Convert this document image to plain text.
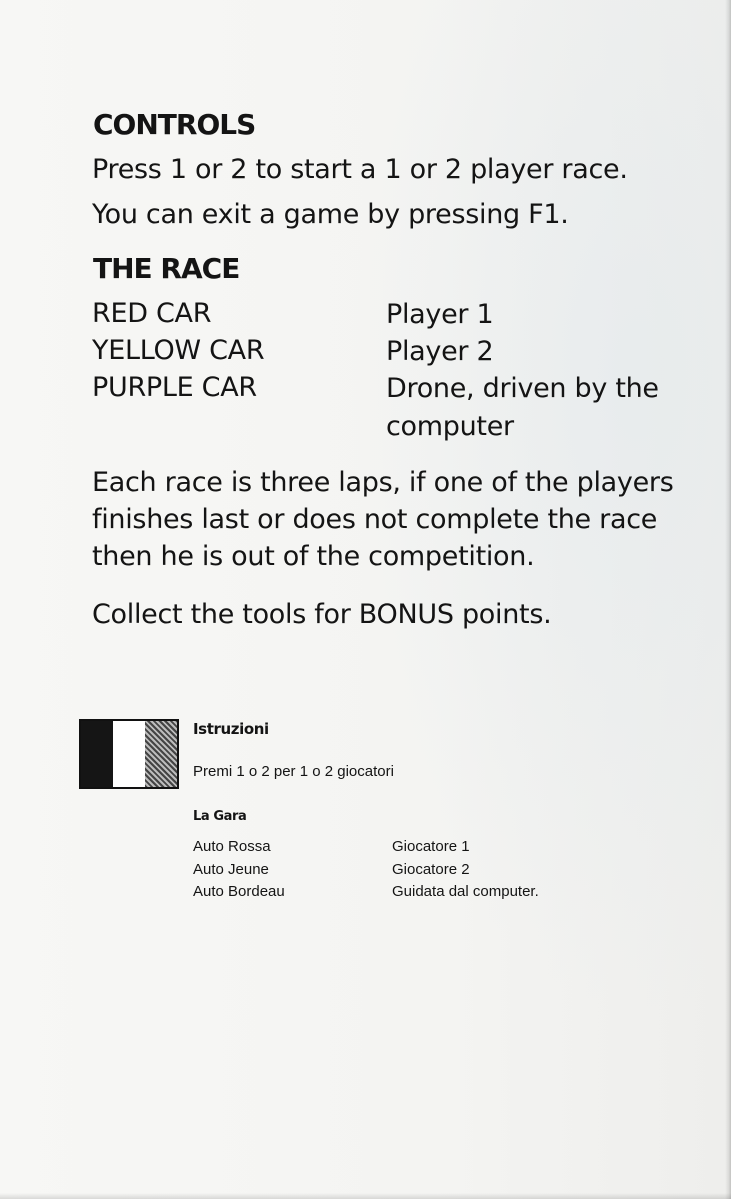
CONTROLS
Press 1 or 2 to start a 1 or 2 player race.
You can exit a game by pressing F1.
THE RACE
RED CAR	Player 1
YELLOW CAR	Player 2
PURPLE CAR	Drone, driven by the
computer
Each race is three laps, if one of the players
finishes last or does not complete the race
then he is out of the competition.
Collect the tools for BONUS points.
Istruzioni
Premi 1 o 2 per 1 o 2 giocatori
La Gara
Auto Rossa	Giocatore 1
Auto Jeune	Giocatore 2
Auto Bordeau	Guidata dal computer.
